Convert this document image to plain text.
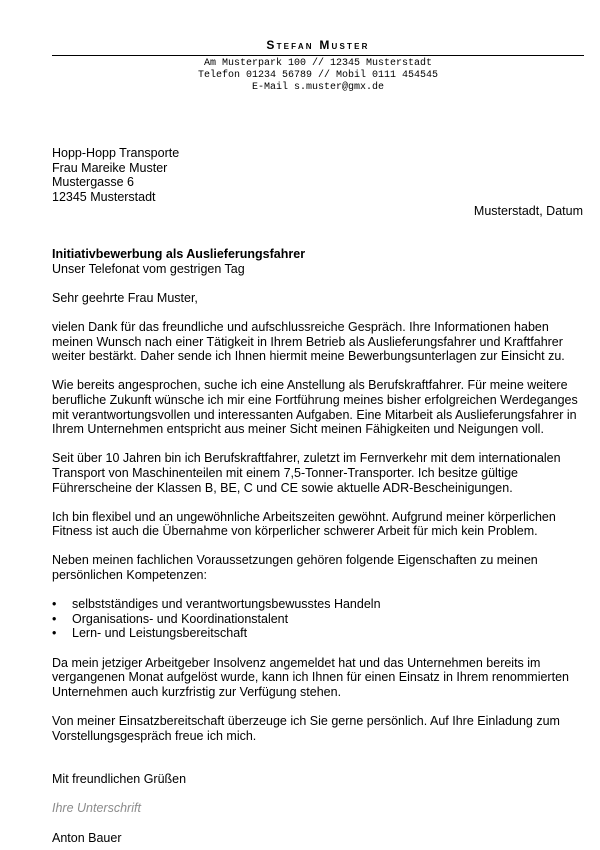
Stefan Muster
Am Musterpark 100 // 12345 Musterstadt
Telefon 01234 56789 // Mobil 0111 454545
E-Mail s.muster@gmx.de
Hopp-Hopp Transporte
Frau Mareike Muster
Mustergasse 6
12345 Musterstadt
Musterstadt, Datum

Initiativbewerbung als Auslieferungsfahrer

Unser Telefonat vom gestrigen Tag

Sehr geehrte Frau Muster,

vielen Dank für das freundliche und aufschlussreiche Gespräch. Ihre Informationen haben meinen Wunsch nach einer Tätigkeit in Ihrem Betrieb als Auslieferungsfahrer und Kraftfahrer weiter bestärkt. Daher sende ich Ihnen hiermit meine Bewerbungsunterlagen zur Einsicht zu.

Wie bereits angesprochen, suche ich eine Anstellung als Berufskraftfahrer. Für meine weitere berufliche Zukunft wünsche ich mir eine Fortführung meines bisher erfolgreichen Werdeganges mit verantwortungsvollen und interessanten Aufgaben. Eine Mitarbeit als Auslieferungsfahrer in Ihrem Unternehmen entspricht aus meiner Sicht meinen Fähigkeiten und Neigungen voll.

Seit über 10 Jahren bin ich Berufskraftfahrer, zuletzt im Fernverkehr mit dem internationalen Transport von Maschinenteilen mit einem 7,5-Tonner-Transporter. Ich besitze gültige Führerscheine der Klassen B, BE, C und CE sowie aktuelle ADR-Bescheinigungen.

Ich bin flexibel und an ungewöhnliche Arbeitszeiten gewöhnt. Aufgrund meiner körperlichen Fitness ist auch die Übernahme von körperlicher schwerer Arbeit für mich kein Problem.

Neben meinen fachlichen Voraussetzungen gehören folgende Eigenschaften zu meinen persönlichen Kompetenzen:

• selbstständiges und verantwortungsbewusstes Handeln
• Organisations- und Koordinationstalent
• Lern- und Leistungsbereitschaft

Da mein jetziger Arbeitgeber Insolvenz angemeldet hat und das Unternehmen bereits im vergangenen Monat aufgelöst wurde, kann ich Ihnen für einen Einsatz in Ihrem renommierten Unternehmen auch kurzfristig zur Verfügung stehen.

Von meiner Einsatzbereitschaft überzeuge ich Sie gerne persönlich. Auf Ihre Einladung zum Vorstellungsgespräch freue ich mich.

Mit freundlichen Grüßen

Ihre Unterschrift

Anton Bauer
